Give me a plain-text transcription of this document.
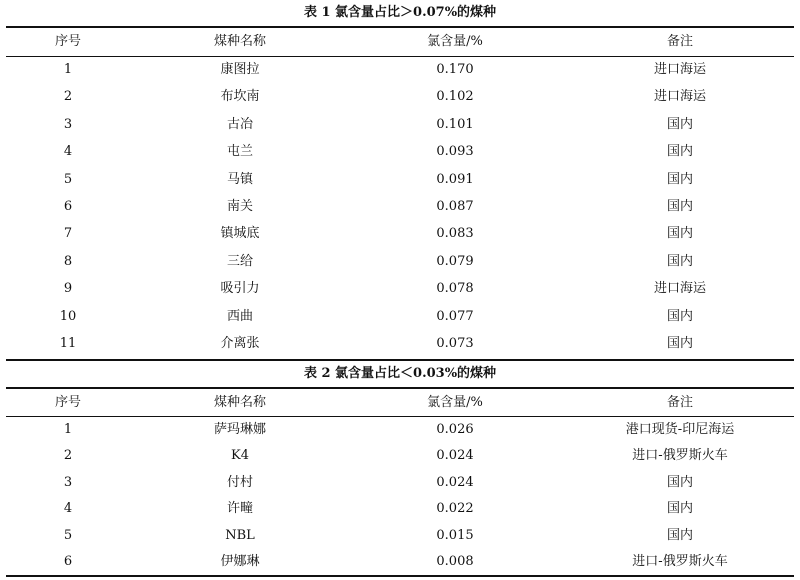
表 1 氯含量占比＞0.07%的煤种
序号	煤种名称	氯含量/%	备注
1	康图拉	0.170	进口海运
2	布坎南	0.102	进口海运
3	古冶	0.101	国内
4	屯兰	0.093	国内
5	马镇	0.091	国内
6	南关	0.087	国内
7	镇城底	0.083	国内
8	三给	0.079	国内
9	吸引力	0.078	进口海运
10	西曲	0.077	国内
11	介离张	0.073	国内
表 2 氯含量占比＜0.03%的煤种
序号	煤种名称	氯含量/%	备注
1	萨玛琳娜	0.026	港口现货-印尼海运
2	K4	0.024	进口-俄罗斯火车
3	付村	0.024	国内
4	许疃	0.022	国内
5	NBL	0.015	国内
6	伊娜琳	0.008	进口-俄罗斯火车
